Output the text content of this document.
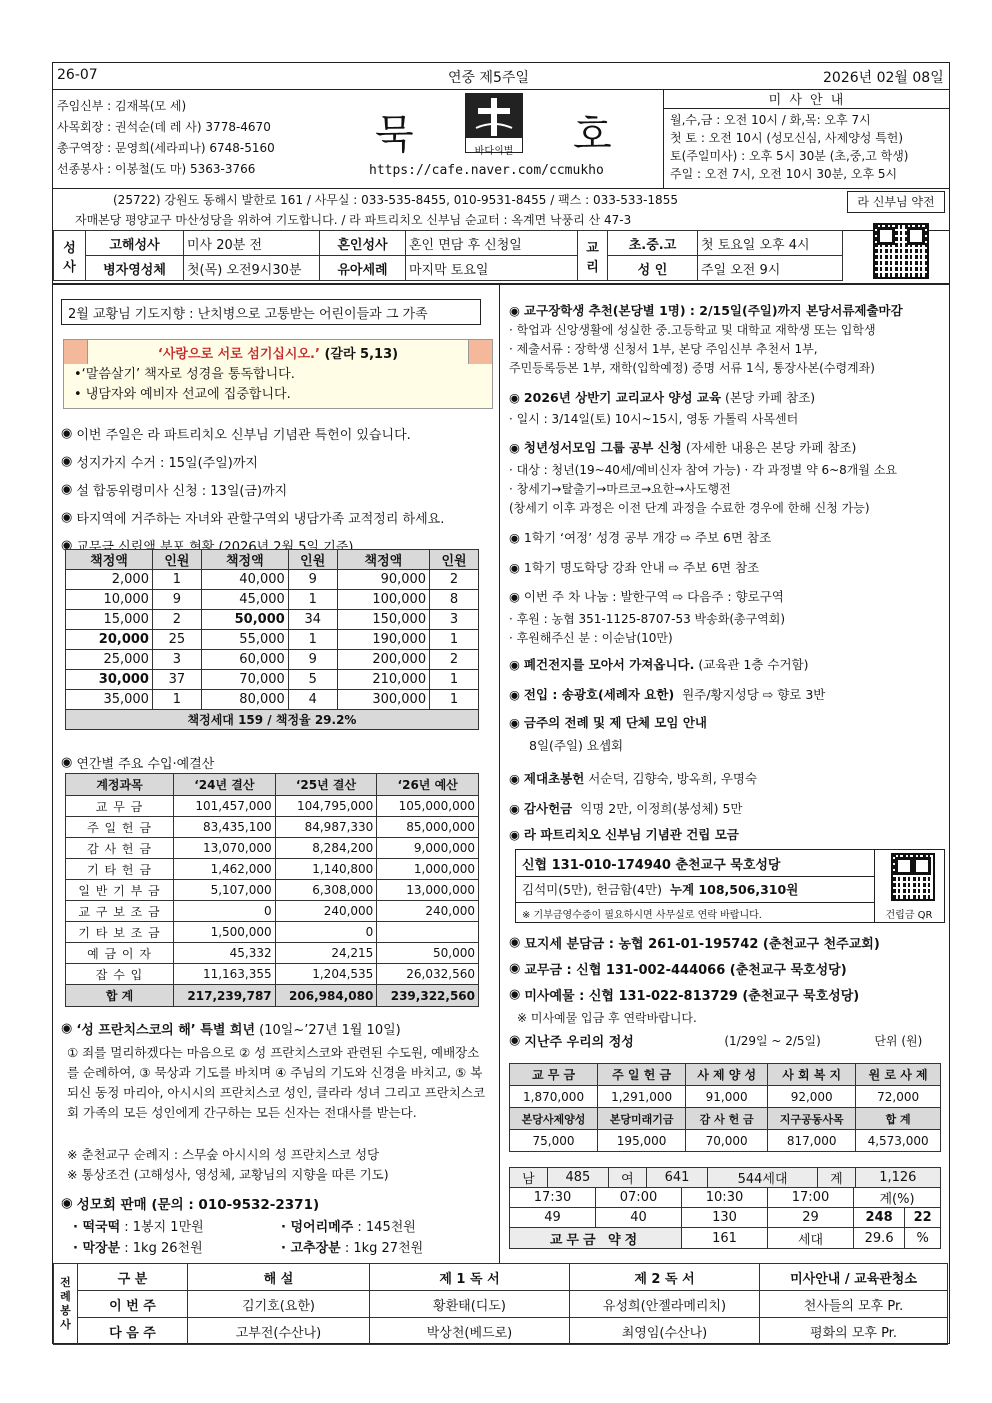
26-07	연중 제5주일	2026년 02월 08일
주임신부 : 김재복(모 세)
사목회장 : 권석순(데 레 사)
3778-4670
총구역장 : 문영희(세라피나)
6748-5160
선종봉사 : 이봉철(도 마)
5363-3766
묵	호
바다의별
https://cafe.naver.com/ccmukho
미 사 안 내
월,수,금 : 오전 10시 / 화,목: 오후 7시
첫 토 : 오전 10시 (성모신심, 사제양성 특헌)
토(주일미사) : 오후 5시 30분 (초,중,고 학생)
주일 : 오전 7시, 오전 10시 30분, 오후 5시
(25722) 강원도 동해시 발한로 161 / 사무실 : 033-535-8455, 010-9531-8455 / 팩스 : 033-533-1855
자매본당 평양교구 마산성당을 위하여 기도합니다. / 라 파트리치오 신부님 순교터 : 옥계면 낙풍리 산 47-3
라 신부님 약전
성 사	고해성사	미사 20분 전	혼인성사	혼인 면담 후 신청일	교 리	초.중.고	첫 토요일 오후 4시
	병자영성체	첫(목) 오전9시30분	유아세례	마지막 토요일		성 인	주일 오전 9시
2월 교황님 기도지향 : 난치병으로 고통받는 어린이들과 그 가족
‘사랑으로 서로 섬기십시오.’ (갈라 5,13)
•‘말씀살기’ 책자로 성경을 통독합니다.
• 냉담자와 예비자 선교에 집중합니다.
◉ 이번 주일은 라 파트리치오 신부님 기념관 특헌이 있습니다.
◉ 성지가지 수거 : 15일(주일)까지
◉ 설 합동위령미사 신청 : 13일(금)까지
◉ 타지역에 거주하는 자녀와 관할구역외 냉담가족 교적정리 하세요.
◉ 교무금 신립액 분포 현황 (2026년 2월 5일 기준)
책정액	인원	책정액	인원	책정액	인원
2,000	1	40,000	9	90,000	2
10,000	9	45,000	1	100,000	8
15,000	2	50,000	34	150,000	3
20,000	25	55,000	1	190,000	1
25,000	3	60,000	9	200,000	2
30,000	37	70,000	5	210,000	1
35,000	1	80,000	4	300,000	1
책정세대 159 / 책정율 29.2%					
◉ 연간별 주요 수입·예결산
계정과목	‘24년 결산	‘25년 결산	‘26년 예산
교 무 금	101,457,000	104,795,000	105,000,000
주 일 헌 금	83,435,100	84,987,330	85,000,000
감 사 헌 금	13,070,000	8,284,200	9,000,000
기 타 헌 금	1,462,000	1,140,800	1,000,000
일 반 기 부 금	5,107,000	6,308,000	13,000,000
교 구 보 조 금	0	240,000	240,000
기 타 보 조 금	1,500,000	0	
예 금 이 자	45,332	24,215	50,000
잡 수 입	11,163,355	1,204,535	26,032,560
합 계	217,239,787	206,984,080	239,322,560
◉ ‘성 프란치스코의 해’ 특별 희년
(10일~’27년 1월 10일)
① 죄를 멀리하겠다는 마음으로 ② 성 프란치스코와 관련된 수도원, 예배장소를 순례하여, ③ 묵상과 기도를 바치며 ④ 주님의 기도와 신경을 바치고, ⑤ 복되신 동정 마리아, 아시시의 프란치스코 성인, 클라라 성녀 그리고 프란치스코회 가족의 모든 성인에게 간구하는 모든 신자는 전대사를 받는다.
※ 춘천교구 순례지 : 스무숲 아시시의 성 프란치스코 성당
※ 통상조건 (고해성사, 영성체, 교황님의 지향을 따른 기도)
◉ 성모회 판매 (문의 : 010-9532-2371)
· 떡국떡 : 1봉지 1만원	· 덩어리메주 : 145천원
· 막장분 : 1kg 26천원	· 고추장분 : 1kg 27천원
◉ 교구장학생 추천(본당별 1명) : 2/15일(주일)까지 본당서류제출마감
· 학업과 신앙생활에 성실한 중.고등학교 및 대학교 재학생 또는 입학생
· 제출서류 : 장학생 신청서 1부, 본당 주임신부 추천서 1부,
주민등록등본 1부, 재학(입학예정) 증명 서류 1식, 통장사본(수령계좌)
◉ 2026년 상반기 교리교사 양성 교육
(본당 카페 참조)
· 일시 : 3/14일(토) 10시~15시, 영동 가톨릭 사목센터
◉ 청년성서모임 그룹 공부 신청
(자세한 내용은 본당 카페 참조)
· 대상 : 청년(19~40세/예비신자 참여 가능) · 각 과정별 약 6~8개월 소요
· 창세기→탈출기→마르코→요한→사도행전
(창세기 이후 과정은 이전 단계 과정을 수료한 경우에 한해 신청 가능)
◉ 1학기 ‘여정’ 성경 공부 개강 ⇨ 주보 6면 참조
◉ 1학기 명도학당 강좌 안내 ⇨ 주보 6면 참조
◉ 이번 주 차 나눔 : 발한구역 ⇨ 다음주 : 향로구역
· 후원 : 농협 351-1125-8707-53 박송화(총구역회)
· 후원해주신 분 : 이순남(10만)
◉ 폐건전지를 모아서 가져옵니다.
(교육관 1층 수거함)
◉ 전입 : 송광호(세례자 요한)
원주/황지성당 ⇨ 향로 3반
◉ 금주의 전례 및 제 단체 모임 안내
8일(주일) 요셉회
◉ 제대초봉헌
서순덕, 김향숙, 방옥희, 우명숙
◉ 감사헌금
익명 2만, 이정희(봉성체) 5만
◉ 라 파트리치오 신부님 기념관 건립 모금
신협 131-010-174940 춘천교구 묵호성당
김석미(5만), 헌금함(4만) 누계 108,506,310원
※ 기부금영수증이 필요하시면 사무실로 연락 바랍니다.	건립금 QR
◉ 묘지세 분담금 : 농협 261-01-195742 (춘천교구 천주교회)
◉ 교무금 : 신협 131-002-444066 (춘천교구 묵호성당)
◉ 미사예물 : 신협 131-022-813729 (춘천교구 묵호성당)
※ 미사예물 입금 후 연락바랍니다.
◉ 지난주 우리의 정성	(1/29일 ~ 2/5일)	단위 (원)
교 무 금	주 일 헌 금	사 제 양 성	사 회 복 지	원 로 사 제
1,870,000	1,291,000	91,000	92,000	72,000
본당사제양성	본당미래기금	감 사 헌 금	지구공동사목	합 계
75,000	195,000	70,000	817,000	4,573,000
남	485	여	641	544세대	계	1,126
17:30	07:00	10:30	17:00	계(%)	
49	40	130	29	248	22
교무금 약정		161	세대	29.6	%
전 례 봉 사	구 분	해 설	제 1 독 서	제 2 독 서	미사안내 / 교육관청소
	이 번 주	김기호(요한)	황환태(디도)	유성희(안젤라메리치)	천사들의 모후 Pr.
	다 음 주	고부전(수산나)	박상천(베드로)	최영임(수산나)	평화의 모후 Pr.
